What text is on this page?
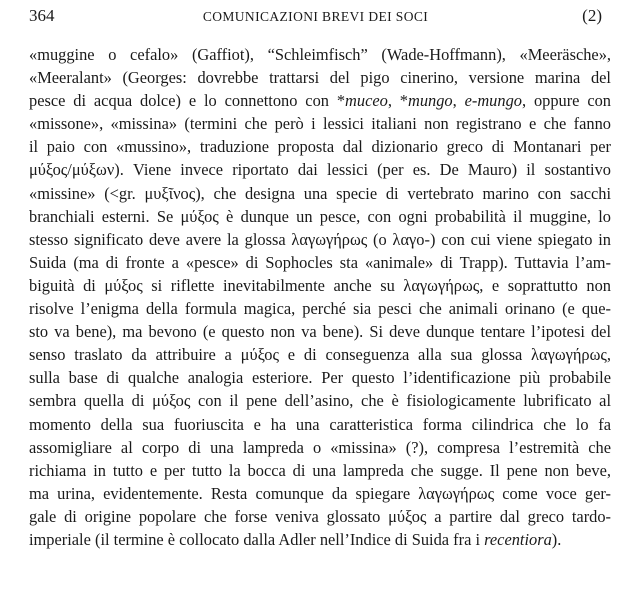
364	COMUNICAZIONI BREVI DEI SOCI	(2)
«muggine o cefalo» (Gaffiot), “Schleimfisch” (Wade-Hoffmann), «Meeräsche»,
«Meeralant» (Georges: dovrebbe trattarsi del pigo cinerino, versione marina del
pesce di acqua dolce) e lo connettono con *muceo, *mungo, e-mungo, oppure con
«missone», «missina» (termini che però i lessici italiani non registrano e che fanno
il paio con «mussino», traduzione proposta dal dizionario greco di Montanari per
μύξος/μύξων). Viene invece riportato dai lessici (per es. De Mauro) il sostantivo
«missine» (<gr. μυξῖνος), che designa una specie di vertebrato marino con sacchi
branchiali esterni. Se μύξος è dunque un pesce, con ogni probabilità il muggine, lo
stesso significato deve avere la glossa λαγωγήρως (ο λαγο-) con cui viene spiegato in
Suida (ma di fronte a «pesce» di Sophocles sta «animale» di Trapp). Tuttavia l’am-
biguità di μύξος si riflette inevitabilmente anche su λαγωγήρως, e soprattutto non
risolve l’enigma della formula magica, perché sia pesci che animali orinano (e que-
sto va bene), ma bevono (e questo non va bene). Si deve dunque tentare l’ipotesi del
senso traslato da attribuire a μύξος e di conseguenza alla sua glossa λαγωγήρως,
sulla base di qualche analogia esteriore. Per questo l’identificazione più probabile
sembra quella di μύξος con il pene dell’asino, che è fisiologicamente lubrificato al
momento della sua fuoriuscita e ha una caratteristica forma cilindrica che lo fa
assomigliare al corpo di una lampreda o «missina» (?), compresa l’estremità che
richiama in tutto e per tutto la bocca di una lampreda che sugge. Il pene non beve,
ma urina, evidentemente. Resta comunque da spiegare λαγωγήρως come voce ger-
gale di origine popolare che forse veniva glossato μύξος a partire dal greco tardo-
imperiale (il termine è collocato dalla Adler nell’Indice di Suida fra i recentiora).
